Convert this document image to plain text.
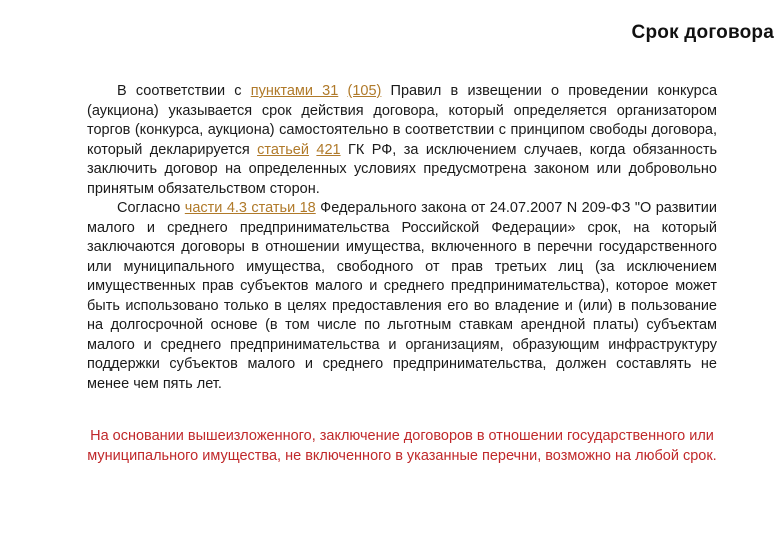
Срок договора

В соответствии с пунктами 31 (105) Правил в извещении о проведении конкурса (аукциона) указывается срок действия договора, который определяется организатором торгов (конкурса, аукциона) самостоятельно в соответствии с принципом свободы договора, который декларируется статьей 421 ГК РФ, за исключением случаев, когда обязанность заключить договор на определенных условиях предусмотрена законом или добровольно принятым обязательством сторон.

Согласно части 4.3 статьи 18 Федерального закона от 24.07.2007 N 209-ФЗ "О развитии малого и среднего предпринимательства Российской Федерации» срок, на который заключаются договоры в отношении имущества, включенного в перечни государственного или муниципального имущества, свободного от прав третьих лиц (за исключением имущественных прав субъектов малого и среднего предпринимательства), которое может быть использовано только в целях предоставления его во владение и (или) в пользование на долгосрочной основе (в том числе по льготным ставкам арендной платы) субъектам малого и среднего предпринимательства и организациям, образующим инфраструктуру поддержки субъектов малого и среднего предпринимательства, должен составлять не менее чем пять лет.

На основании вышеизложенного, заключение договоров в отношении государственного или муниципального имущества, не включенного в указанные перечни, возможно на любой срок.
